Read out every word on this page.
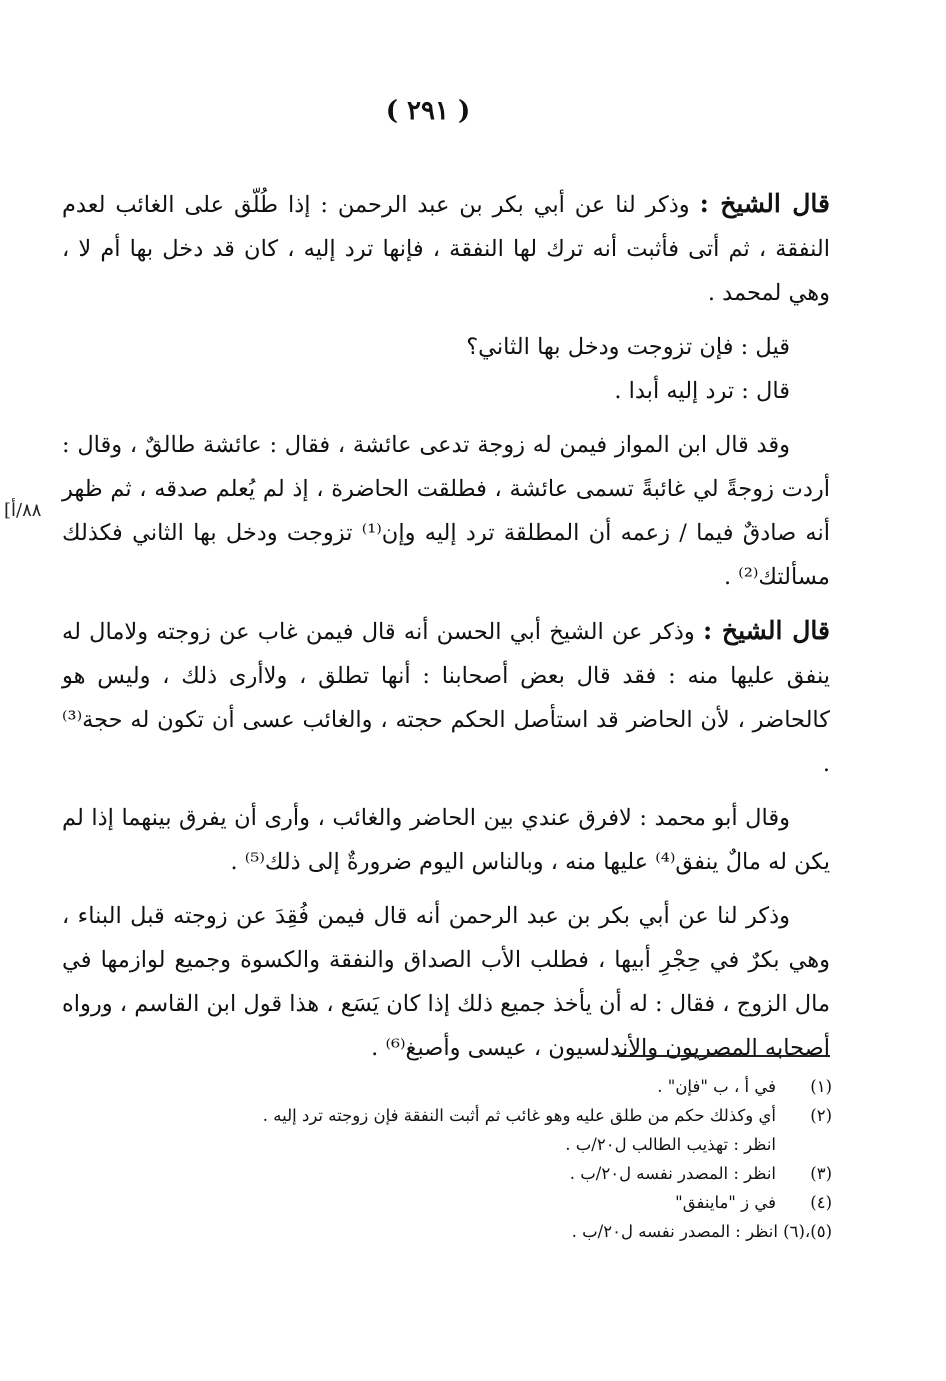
( ٢٩١ )

قال الشيخ : وذكر لنا عن أبي بكر بن عبد الرحمن : إذا طُلّق على الغائب لعدم النفقة ، ثم أتى فأثبت أنه ترك لها النفقة ، فإنها ترد إليه ، كان قد دخل بها أم لا ، وهي لمحمد .

قيل : فإن تزوجت ودخل بها الثاني؟

قال : ترد إليه أبدا .

وقد قال ابن المواز فيمن له زوجة تدعى عائشة ، فقال : عائشة طالقٌ ، وقال : أردت زوجةً لي غائبةً تسمى عائشة ، فطلقت الحاضرة ، إذ لم يُعلم صدقه ، ثم ظهر أنه صادقٌ فيما / زعمه أن المطلقة ترد إليه وإن⁽¹⁾ تزوجت ودخل بها الثاني فكذلك مسألتك⁽²⁾ .

قال الشيخ : وذكر عن الشيخ أبي الحسن أنه قال فيمن غاب عن زوجته ولامال له ينفق عليها منه : فقد قال بعض أصحابنا : أنها تطلق ، ولاأرى ذلك ، وليس هو كالحاضر ، لأن الحاضر قد استأصل الحكم حجته ، والغائب عسى أن تكون له حجة⁽³⁾ .

وقال أبو محمد : لافرق عندي بين الحاضر والغائب ، وأرى أن يفرق بينهما إذا لم يكن له مالٌ ينفق⁽⁴⁾ عليها منه ، وبالناس اليوم ضرورةٌ إلى ذلك⁽⁵⁾ .

وذكر لنا عن أبي بكر بن عبد الرحمن أنه قال فيمن فُقِدَ عن زوجته قبل البناء ، وهي بكرٌ في حِجْرِ أبيها ، فطلب الأب الصداق والنفقة والكسوة وجميع لوازمها في مال الزوج ، فقال : له أن يأخذ جميع ذلك إذا كان يَسَع ، هذا قول ابن القاسم ، ورواه أصحابه المصريون والأندلسيون ، عيسى وأصبغ⁽⁶⁾ .

[٨٨/أ
(١)
في أ ، ب "فإن" .
(٢)
أي وكذلك حكم من طلق عليه وهو غائب ثم أثبت النفقة فإن زوجته ترد إليه .
انظر : تهذيب الطالب ل٢٠/ب .
(٣)
انظر : المصدر نفسه ل٢٠/ب .
(٤)
في ز "ماينفق"
(٥)،(٦) انظر : المصدر نفسه ل٢٠/ب .
